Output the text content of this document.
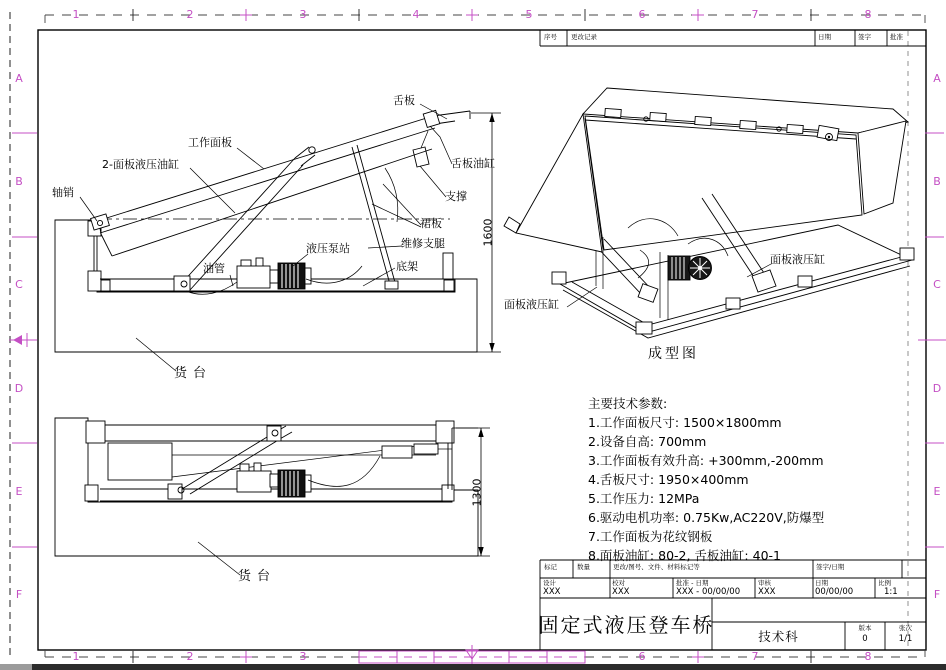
1	2	3	4	5	6	7	8
1	2	3	6	7	8
A
B
C
D
E
F
A
B
C
D
E
F
序号 更改记录	日期	签字	批准
轴销
工作面板
2-面板液压油缸
舌板
舌板油缸
支撑
裙板
维修支腿
液压泵站
油管	底架
货台
1600
货台
1300
面板液压缸
面板液压缸
成型图
主要技术参数:
1.工作面板尺寸: 1500×1800mm
2.设备自高: 700mm
3.工作面板有效升高: +300mm,-200mm
4.舌板尺寸: 1950×400mm
5.工作压力: 12MPa
6.驱动电机功率: 0.75Kw,AC220V,防爆型
7.工作面板为花纹钢板
8.面板油缸: 80-2, 舌板油缸: 40-1
标记	数量	更改/图号、文件、材料标记等	签字/日期
设计
XXX
校对
XXX
批准 - 日期
XXX - 00/00/00
审核
XXX
日期
00/00/00
比例
1:1
固定式液压登车桥	技术科
版本
0
张次
1/1
